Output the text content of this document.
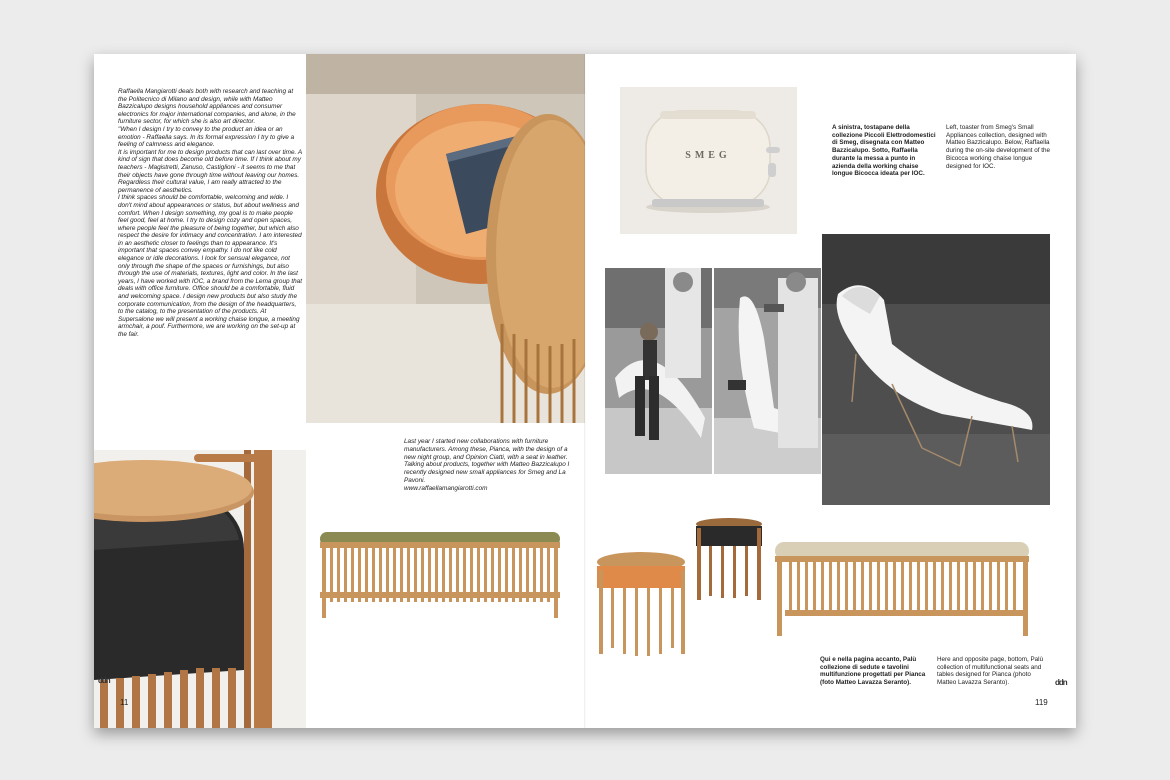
Raffaella Mangiarotti deals both with research and teaching at the Politecnico di Milano and design, while with Matteo Bazzicalupo designs household appliances and consumer electronics for major international companies, and alone, in the furniture sector, for which she is also art director.

"When I design I try to convey to the product an idea or an emotion - Raffaella says. In its formal expression I try to give a feeling of calmness and elegance.

It is important for me to design products that can last over time. A kind of sign that does become old before time. If I think about my teachers - Magistretti, Zanuso, Castiglioni - it seems to me that their objects have gone through time without leaving our homes. Regardless their cultural value, I am really attracted to the permanence of aesthetics.

I think spaces should be comfortable, welcoming and wide. I don't mind about appearances or status, but about wellness and comfort. When I design something, my goal is to make people feel good, feel at home. I try to design cozy and open spaces, where people feel the pleasure of being together, but which also respect the desire for intimacy and concentration. I am interested in an aesthetic closer to feelings than to appearance. It's important that spaces convey empathy. I do not like cold elegance or idle decorations. I look for sensual elegance, not only through the shape of the spaces or furnishings, but also through the use of materials, textures, light and color. In the last years, I have worked with IOC, a brand from the Lema group that deals with office furniture. Office should be a comfortable, fluid and welcoming space. I design new products but also study the corporate communication, from the design of the headquarters, to the catalog, to the presentation of the products. At Supersalone we will present a working chaise longue, a meeting armchair, a pouf. Furthermore, we are working on the set-up at the fair.

ddn
11

Last year I started new collaborations with furniture manufacturers. Among these, Pianca, with the design of a new night group, and Opinion Ciatti, with a seat in leather. Talking about products, together with Matteo Bazzicalupo I recently designed new small appliances for Smeg and La Pavoni.

www.raffaellamangiarotti.com

SMEG
A sinistra, tostapane della collezione Piccoli Elettrodomestici di Smeg, disegnata con Matteo Bazzicalupo. Sotto, Raffaella durante la messa a punto in azienda della working chaise longue Bicocca ideata per IOC.
Left, toaster from Smeg's Small Appliances collection, designed with Matteo Bazzicalupo. Below, Raffaella during the on-site development of the Bicocca working chaise longue designed for IOC.
Qui e nella pagina accanto, Palù collezione di sedute e tavolini multifunzione progettati per Pianca (foto Matteo Lavazza Seranto).
Here and opposite page, bottom, Palù collection of multifunctional seats and tables designed for Pianca (photo Matteo Lavazza Seranto).	ddn
119
